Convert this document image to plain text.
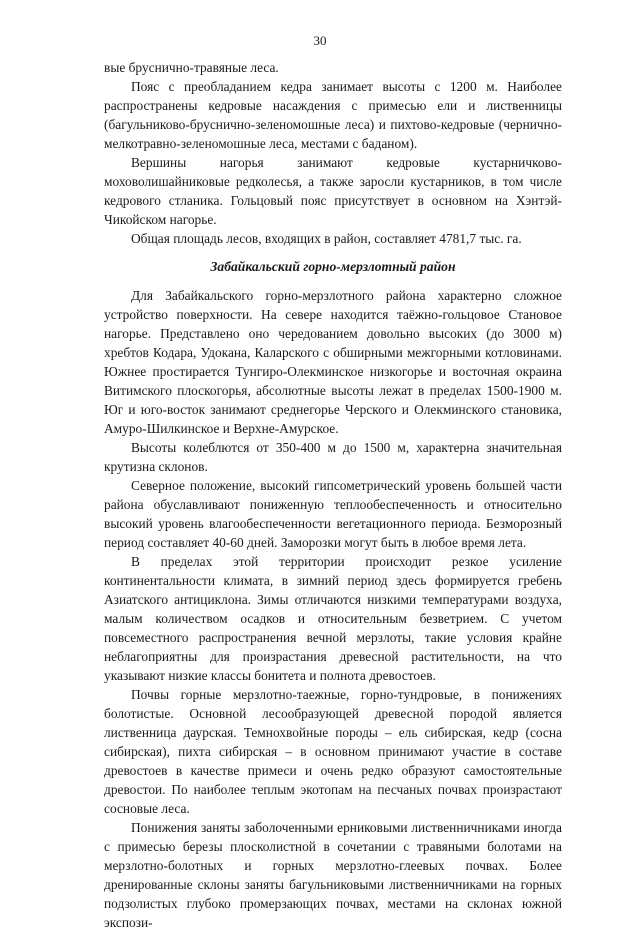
30

вые бруснично-травяные леса.

Пояс с преобладанием кедра занимает высоты с 1200 м. Наиболее распространены кедровые насаждения с примесью ели и лиственницы (багульниково-бруснично-зеленомошные леса) и пихтово-кедровые (чернично-мелкотравно-зеленомошные леса, местами с баданом).

Вершины нагорья занимают кедровые кустарничково-моховолишайниковые редколесья, а также заросли кустарников, в том числе кедрового стланика. Гольцовый пояс присутствует в основном на Хэнтэй-Чикойском нагорье.

Общая площадь лесов, входящих в район, составляет 4781,7 тыс. га.

Забайкальский горно-мерзлотный район

Для Забайкальского горно-мерзлотного района характерно сложное устройство поверхности. На севере находится таёжно-гольцовое Становое нагорье. Представлено оно чередованием довольно высоких (до 3000 м) хребтов Кодара, Удокана, Каларского с обширными межгорными котловинами. Южнее простирается Тунгиро-Олекминское низкогорье и восточная окраина Витимского плоскогорья, абсолютные высоты лежат в пределах 1500-1900 м. Юг и юго-восток занимают среднегорье Черского и Олекминского становика, Амуро-Шилкинское и Верхне-Амурское.

Высоты колеблются от 350-400 м до 1500 м, характерна значительная крутизна склонов.

Северное положение, высокий гипсометрический уровень большей части района обуславливают пониженную теплообеспеченность и относительно высокий уровень влагообеспеченности вегетационного периода. Безморозный период составляет 40-60 дней. Заморозки могут быть в любое время лета.

В пределах этой территории происходит резкое усиление континентальности климата, в зимний период здесь формируется гребень Азиатского антициклона. Зимы отличаются низкими температурами воздуха, малым количеством осадков и относительным безветрием. С учетом повсеместного распространения вечной мерзлоты, такие условия крайне неблагоприятны для произрастания древесной растительности, на что указывают низкие классы бонитета и полнота древостоев.

Почвы горные мерзлотно-таежные, горно-тундровые, в понижениях болотистые. Основной лесообразующей древесной породой является лиственница даурская. Темнохвойные породы – ель сибирская, кедр (сосна сибирская), пихта сибирская – в основном принимают участие в составе древостоев в качестве примеси и очень редко образуют самостоятельные древостои. По наиболее теплым экотопам на песчаных почвах произрастают сосновые леса.

Понижения заняты заболоченными ерниковыми лиственничниками иногда с примесью березы плосколистной в сочетании с травяными болотами на мерзлотно-болотных и горных мерзлотно-глеевых почвах. Более дренированные склоны заняты багульниковыми лиственничниками на горных подзолистых глубоко промерзающих почвах, местами на склонах южной экспози-
